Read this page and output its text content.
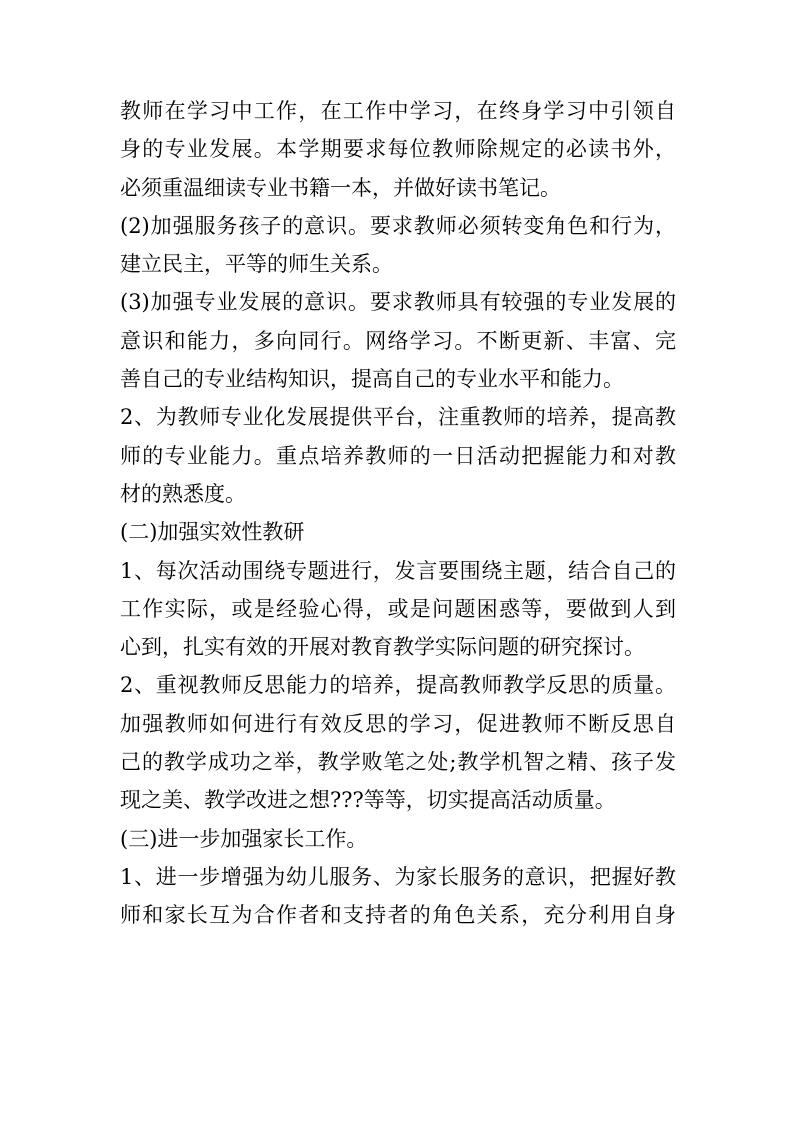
教师在学习中工作，在工作中学习，在终身学习中引领自
身的专业发展。本学期要求每位教师除规定的必读书外，
必须重温细读专业书籍一本，并做好读书笔记。
(2)加强服务孩子的意识。要求教师必须转变角色和行为，
建立民主，平等的师生关系。
(3)加强专业发展的意识。要求教师具有较强的专业发展的
意识和能力，多向同行。网络学习。不断更新、丰富、完
善自己的专业结构知识，提高自己的专业水平和能力。
2、为教师专业化发展提供平台，注重教师的培养，提高教
师的专业能力。重点培养教师的一日活动把握能力和对教
材的熟悉度。
(二)加强实效性教研
1、每次活动围绕专题进行，发言要围绕主题，结合自己的
工作实际，或是经验心得，或是问题困惑等，要做到人到
心到，扎实有效的开展对教育教学实际问题的研究探讨。
2、重视教师反思能力的培养，提高教师教学反思的质量。
加强教师如何进行有效反思的学习，促进教师不断反思自
己的教学成功之举，教学败笔之处;教学机智之精、孩子发
现之美、教学改进之想???等等，切实提高活动质量。
(三)进一步加强家长工作。
1、进一步增强为幼儿服务、为家长服务的意识，把握好教
师和家长互为合作者和支持者的角色关系，充分利用自身
